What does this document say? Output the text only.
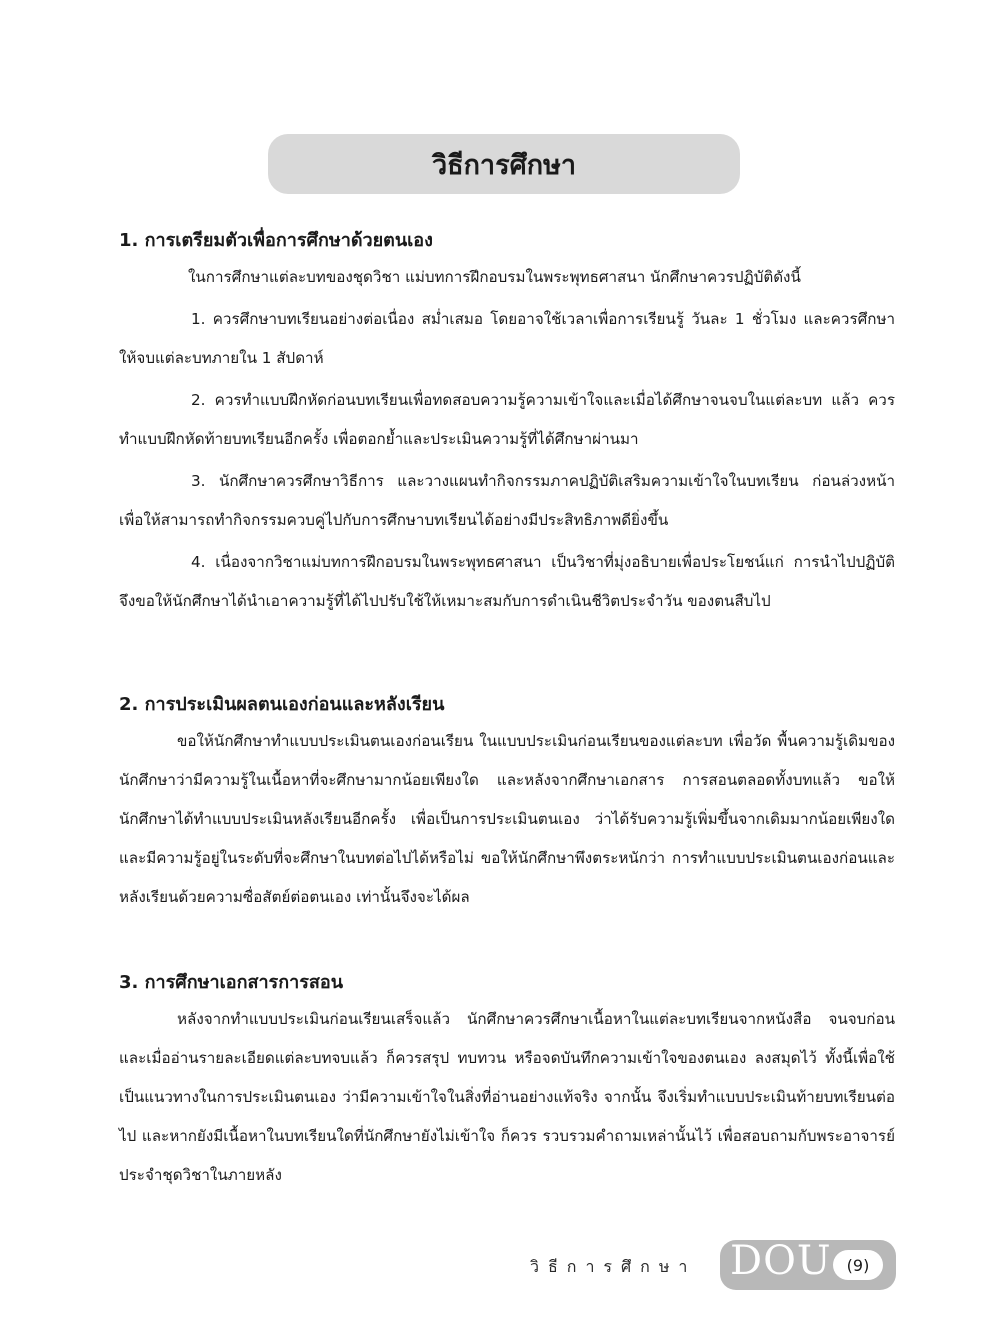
วิธีการศึกษา
1. การเตรียมตัวเพื่อการศึกษาด้วยตนเอง

ในการศึกษาแต่ละบทของชุดวิชา แม่บทการฝึกอบรมในพระพุทธศาสนา นักศึกษาควรปฏิบัติดังนี้

1. ควรศึกษาบทเรียนอย่างต่อเนื่อง สม่ำเสมอ โดยอาจใช้เวลาเพื่อการเรียนรู้ วันละ 1 ชั่วโมง และควรศึกษาให้จบแต่ละบทภายใน 1 สัปดาห์

2. ควรทำแบบฝึกหัดก่อนบทเรียนเพื่อทดสอบความรู้ความเข้าใจและเมื่อได้ศึกษาจนจบในแต่ละบท แล้ว ควรทำแบบฝึกหัดท้ายบทเรียนอีกครั้ง เพื่อตอกย้ำและประเมินความรู้ที่ได้ศึกษาผ่านมา

3. นักศึกษาควรศึกษาวิธีการ และวางแผนทำกิจกรรมภาคปฏิบัติเสริมความเข้าใจในบทเรียน ก่อนล่วงหน้า เพื่อให้สามารถทำกิจกรรมควบคู่ไปกับการศึกษาบทเรียนได้อย่างมีประสิทธิภาพดียิ่งขึ้น

4. เนื่องจากวิชาแม่บทการฝึกอบรมในพระพุทธศาสนา เป็นวิชาที่มุ่งอธิบายเพื่อประโยชน์แก่ การนำไปปฏิบัติ จึงขอให้นักศึกษาได้นำเอาความรู้ที่ได้ไปปรับใช้ให้เหมาะสมกับการดำเนินชีวิตประจำวัน ของตนสืบไป

2. การประเมินผลตนเองก่อนและหลังเรียน

ขอให้นักศึกษาทำแบบประเมินตนเองก่อนเรียน ในแบบประเมินก่อนเรียนของแต่ละบท เพื่อวัด พื้นความรู้เดิมของนักศึกษาว่ามีความรู้ในเนื้อหาที่จะศึกษามากน้อยเพียงใด และหลังจากศึกษาเอกสาร การสอนตลอดทั้งบทแล้ว ขอให้นักศึกษาได้ทำแบบประเมินหลังเรียนอีกครั้ง เพื่อเป็นการประเมินตนเอง ว่าได้รับความรู้เพิ่มขึ้นจากเดิมมากน้อยเพียงใด และมีความรู้อยู่ในระดับที่จะศึกษาในบทต่อไปได้หรือไม่ ขอให้นักศึกษาพึงตระหนักว่า การทำแบบประเมินตนเองก่อนและหลังเรียนด้วยความซื่อสัตย์ต่อตนเอง เท่านั้นจึงจะได้ผล

3. การศึกษาเอกสารการสอน

หลังจากทำแบบประเมินก่อนเรียนเสร็จแล้ว นักศึกษาควรศึกษาเนื้อหาในแต่ละบทเรียนจากหนังสือ จนจบก่อน และเมื่ออ่านรายละเอียดแต่ละบทจบแล้ว ก็ควรสรุป ทบทวน หรือจดบันทึกความเข้าใจของตนเอง ลงสมุดไว้ ทั้งนี้เพื่อใช้เป็นแนวทางในการประเมินตนเอง ว่ามีความเข้าใจในสิ่งที่อ่านอย่างแท้จริง จากนั้น จึงเริ่มทำแบบประเมินท้ายบทเรียนต่อไป และหากยังมีเนื้อหาในบทเรียนใดที่นักศึกษายังไม่เข้าใจ ก็ควร รวบรวมคำถามเหล่านั้นไว้ เพื่อสอบถามกับพระอาจารย์ประจำชุดวิชาในภายหลัง

วิธีการศึกษา DOU (9)
